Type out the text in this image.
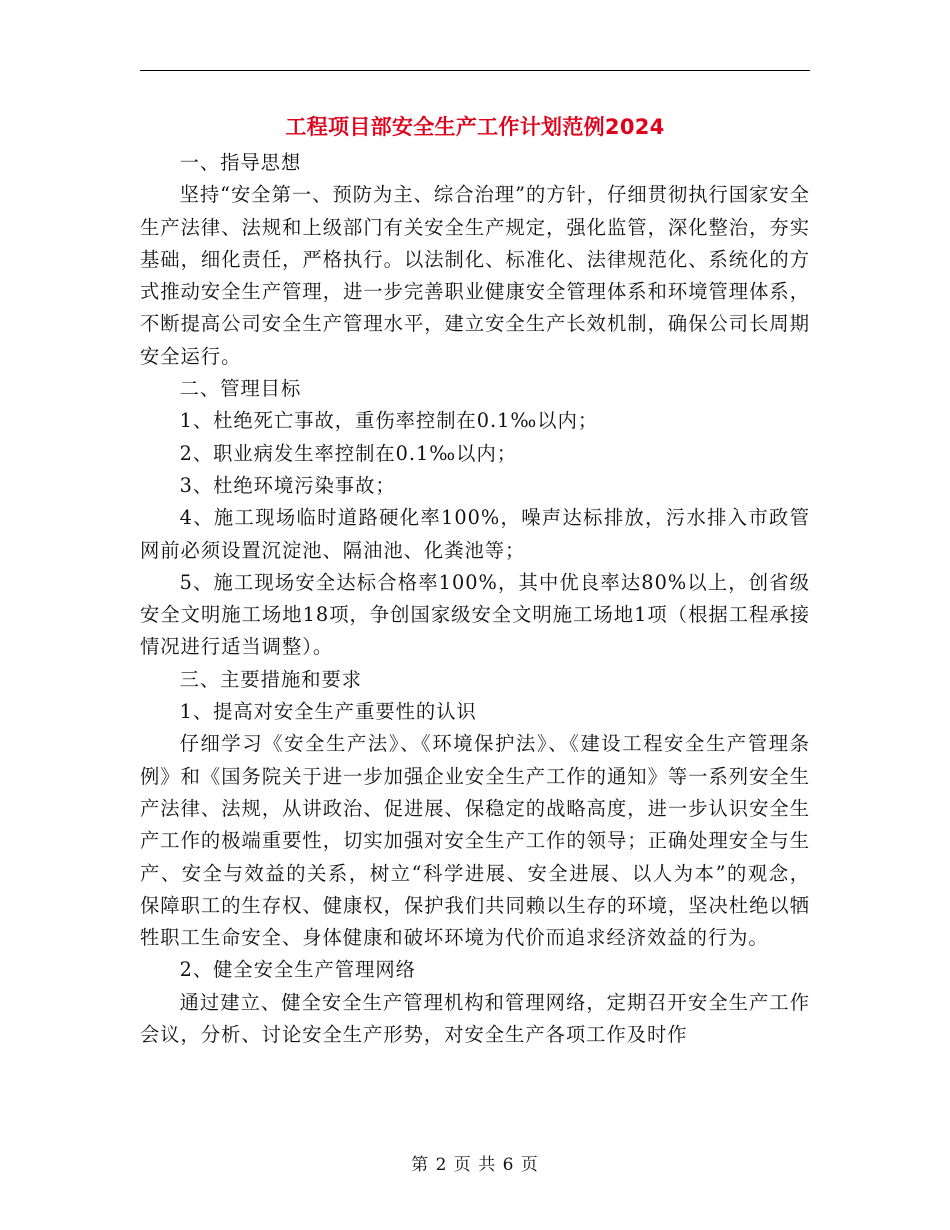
工程项目部安全生产工作计划范例2024

一、指导思想

坚持“安全第一、预防为主、综合治理”的方针，仔细贯彻执行国家安全生产法律、法规和上级部门有关安全生产规定，强化监管，深化整治，夯实基础，细化责任，严格执行。以法制化、标准化、法律规范化、系统化的方式推动安全生产管理，进一步完善职业健康安全管理体系和环境管理体系，不断提高公司安全生产管理水平，建立安全生产长效机制，确保公司长周期安全运行。

二、管理目标

1、杜绝死亡事故，重伤率控制在0.1‰以内；

2、职业病发生率控制在0.1‰以内；

3、杜绝环境污染事故；

4、施工现场临时道路硬化率100%，噪声达标排放，污水排入市政管网前必须设置沉淀池、隔油池、化粪池等；

5、施工现场安全达标合格率100%，其中优良率达80%以上，创省级安全文明施工场地18项，争创国家级安全文明施工场地1项（根据工程承接情况进行适当调整）。

三、主要措施和要求

1、提高对安全生产重要性的认识

仔细学习《安全生产法》、《环境保护法》、《建设工程安全生产管理条例》和《国务院关于进一步加强企业安全生产工作的通知》等一系列安全生产法律、法规，从讲政治、促进展、保稳定的战略高度，进一步认识安全生产工作的极端重要性，切实加强对安全生产工作的领导；正确处理安全与生产、安全与效益的关系，树立“科学进展、安全进展、以人为本”的观念，保障职工的生存权、健康权，保护我们共同赖以生存的环境，坚决杜绝以牺牲职工生命安全、身体健康和破坏环境为代价而追求经济效益的行为。

2、健全安全生产管理网络

通过建立、健全安全生产管理机构和管理网络，定期召开安全生产工作会议，分析、讨论安全生产形势，对安全生产各项工作及时作

第 2 页 共 6 页
